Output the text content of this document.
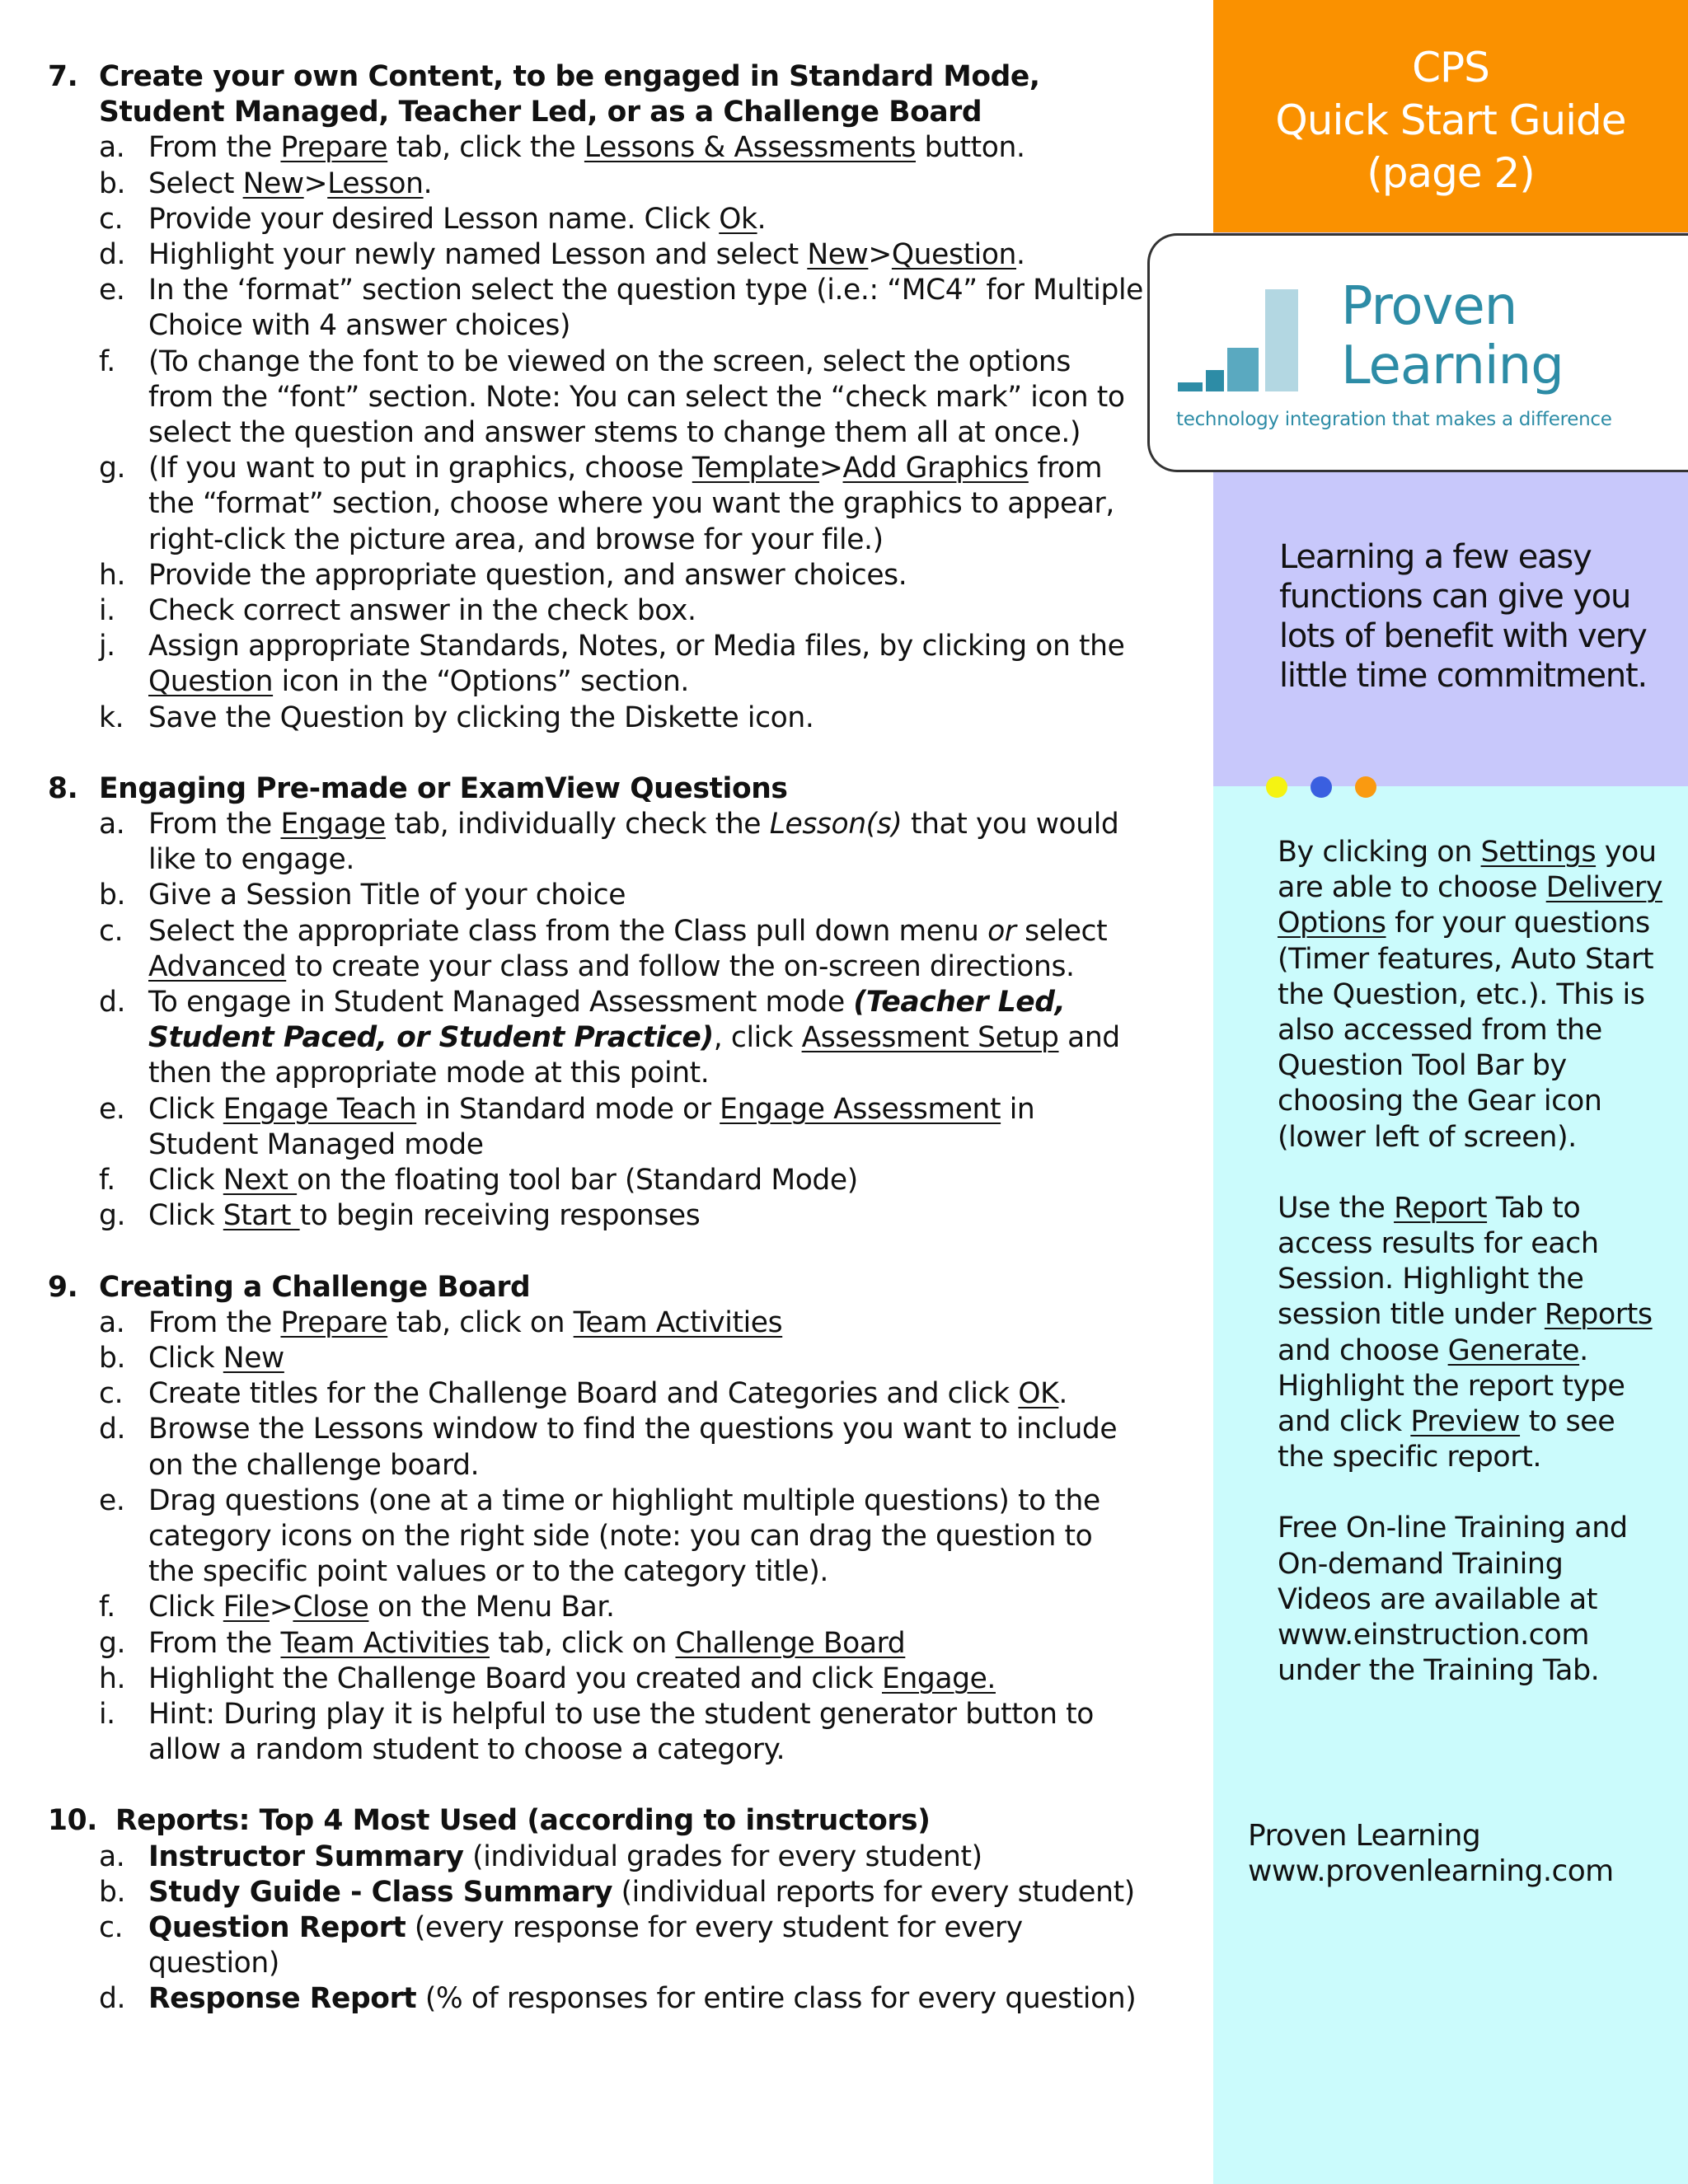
CPS
Quick Start Guide
(page 2)
Proven
Learning
technology integration that makes a difference
Learning a few easy functions can give you lots of benefit with very little time commitment.

By clicking on Settings you are able to choose Delivery Options for your questions (Timer features, Auto Start the Question, etc.). This is also accessed from the Question Tool Bar by choosing the Gear icon (lower left of screen).

Use the Report Tab to access results for each Session. Highlight the session title under Reports and choose Generate. Highlight the report type and click Preview to see the specific report.

Free On-line Training and On-demand Training Videos are available at www.einstruction.com under the Training Tab.

Proven Learning
www.provenlearning.com
7. Create your own Content, to be engaged in Standard Mode, Student Managed, Teacher Led, or as a Challenge Board
a. From the Prepare tab, click the Lessons & Assessments button.
b. Select New>Lesson.
c. Provide your desired Lesson name. Click Ok.
d. Highlight your newly named Lesson and select New>Question.
e. In the ‘format” section select the question type (i.e.: “MC4” for Multiple Choice with 4 answer choices)
f.	(To change the font to be viewed on the screen, select the options from the “font” section. Note: You can select the “check mark” icon to select the question and answer stems to change them all at once.)
g. (If you want to put in graphics, choose Template>Add Graphics from the “format” section, choose where you want the graphics to appear, right-click the picture area, and browse for your file.)
h. Provide the appropriate question, and answer choices.
i.	Check correct answer in the check box.
j.	Assign appropriate Standards, Notes, or Media files, by clicking on the Question icon in the “Options” section.
k. Save the Question by clicking the Diskette icon.
8. Engaging Pre-made or ExamView Questions
a. From the Engage tab, individually check the Lesson(s) that you would like to engage.
b. Give a Session Title of your choice
c. Select the appropriate class from the Class pull down menu or select Advanced to create your class and follow the on-screen directions.
d. To engage in Student Managed Assessment mode (Teacher Led, Student Paced, or Student Practice), click Assessment Setup and then the appropriate mode at this point.
e. Click Engage Teach in Standard mode or Engage Assessment in Student Managed mode
f.	Click Next on the floating tool bar (Standard Mode)
g. Click Start to begin receiving responses
9. Creating a Challenge Board
a. From the Prepare tab, click on Team Activities
b. Click New
c. Create titles for the Challenge Board and Categories and click OK.
d. Browse the Lessons window to find the questions you want to include on the challenge board.
e. Drag questions (one at a time or highlight multiple questions) to the category icons on the right side (note: you can drag the question to the specific point values or to the category title).
f.	Click File>Close on the Menu Bar.
g. From the Team Activities tab, click on Challenge Board
h. Highlight the Challenge Board you created and click Engage.
i.	Hint: During play it is helpful to use the student generator button to allow a random student to choose a category.
10. Reports: Top 4 Most Used (according to instructors)
a. Instructor Summary (individual grades for every student)
b. Study Guide - Class Summary (individual reports for every student)
c. Question Report (every response for every student for every question)
d. Response Report (% of responses for entire class for every question)
